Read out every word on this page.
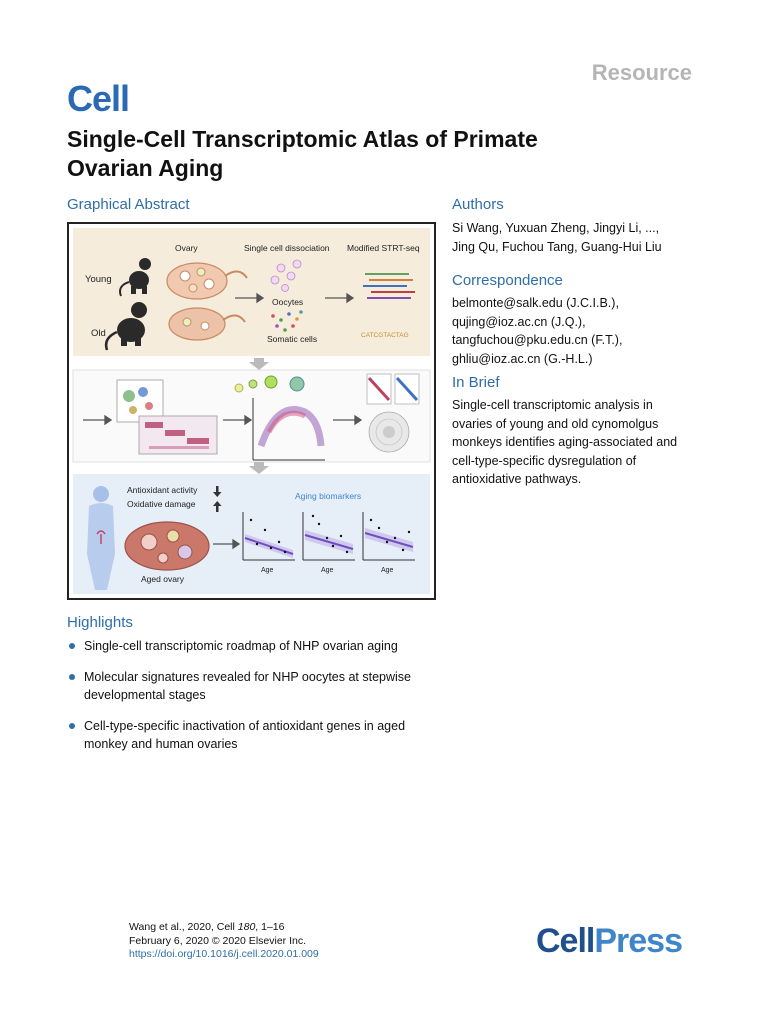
Resource
Cell
Single-Cell Transcriptomic Atlas of Primate
Ovarian Aging
Graphical Abstract
Ovary	Single cell dissociation Modified STRT-seq
Young
Old
Oocytes
Somatic cells	CATCGTACTAG
Antioxidant activity
Oxidative damage
Aged ovary
Aging biomarkers
Age	Age	Age
Authors
Si Wang, Yuxuan Zheng, Jingyi Li, ...,
Jing Qu, Fuchou Tang, Guang-Hui Liu
Correspondence
belmonte@salk.edu (J.C.I.B.),
qujing@ioz.ac.cn (J.Q.),
tangfuchou@pku.edu.cn (F.T.),
ghliu@ioz.ac.cn (G.-H.L.)
In Brief
Single-cell transcriptomic analysis in
ovaries of young and old cynomolgus
monkeys identifies aging-associated and
cell-type-specific dysregulation of
antioxidative pathways.
Highlights
Single-cell transcriptomic roadmap of NHP ovarian aging
Molecular signatures revealed for NHP oocytes at stepwise
developmental stages
Cell-type-specific inactivation of antioxidant genes in aged
monkey and human ovaries
Wang et al., 2020, Cell 180, 1–16
February 6, 2020 © 2020 Elsevier Inc.
https://doi.org/10.1016/j.cell.2020.01.009	CellPress
